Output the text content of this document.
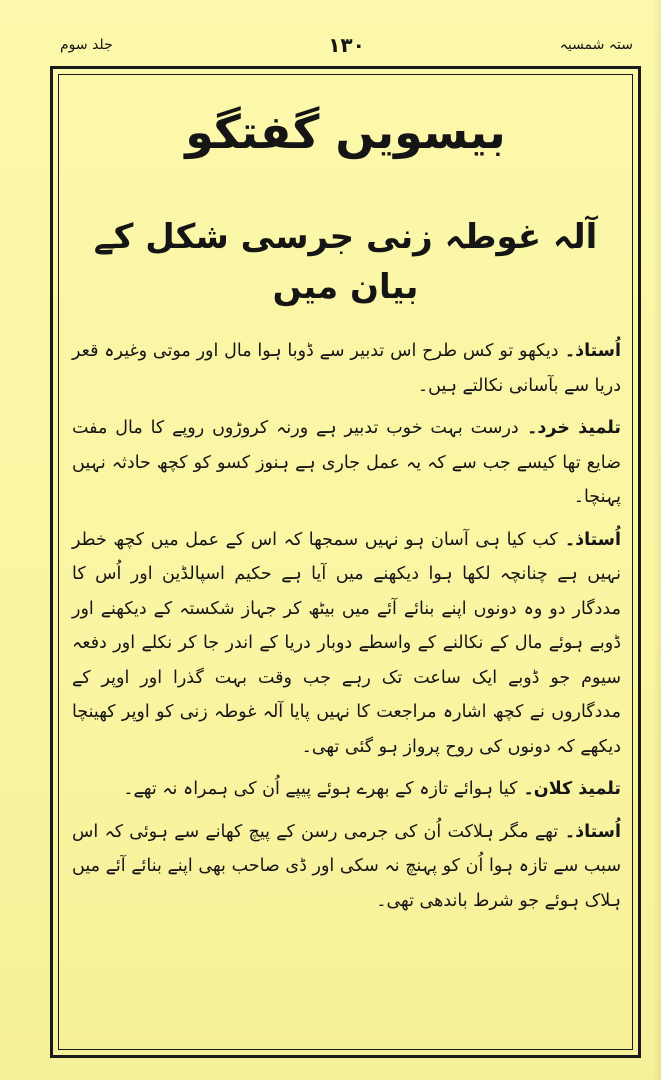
ستہ شمسیہ
۱۳۰
جلد سوم
بیسویں گفتگو
آلہ غوطہ زنی جرسی شکل کے بیان میں

اُستاذ۔ دیکھو تو کس طرح اس تدبیر سے ڈوبا ہوا مال اور موتی وغیرہ قعر دریا سے بآسانی نکالتے ہیں۔

تلمیذ خرد۔ درست بہت خوب تدبیر ہے ورنہ کروڑوں روپے کا مال مفت ضایع تھا کیسے جب سے کہ یہ عمل جاری ہے ہنوز کسو کو کچھ حادثہ نہیں پہنچا۔

اُستاذ۔ کب کیا ہی آسان ہو نہیں سمجھا کہ اس کے عمل میں کچھ خطر نہیں ہے چنانچہ لکھا ہوا دیکھنے میں آیا ہے حکیم اسپالڈین اور اُس کا مددگار دو وہ دونوں اپنے بنائے آئے میں بیٹھ کر جہاز شکستہ کے دیکھنے اور ڈوبے ہوئے مال کے نکالنے کے واسطے دوبار دریا کے اندر جا کر نکلے اور دفعہ سیوم جو ڈوبے ایک ساعت تک رہے جب وقت بہت گذرا اور اوپر کے مددگاروں نے کچھ اشارہ مراجعت کا نہیں پایا آلہ غوطہ زنی کو اوپر کھینچا دیکھے کہ دونوں کی روح پرواز ہو گئی تھی۔

تلمیذ کلان۔ کیا ہوائے تازہ کے بھرے ہوئے پیپے اُن کی ہمراہ نہ تھے۔

اُستاذ۔ تھے مگر ہلاکت اُن کی جرمی رسن کے پیچ کھانے سے ہوئی کہ اس سبب سے تازہ ہوا اُن کو پہنچ نہ سکی اور ڈی صاحب بھی اپنے بنائے آئے میں ہلاک ہوئے جو شرط باندھی تھی۔
